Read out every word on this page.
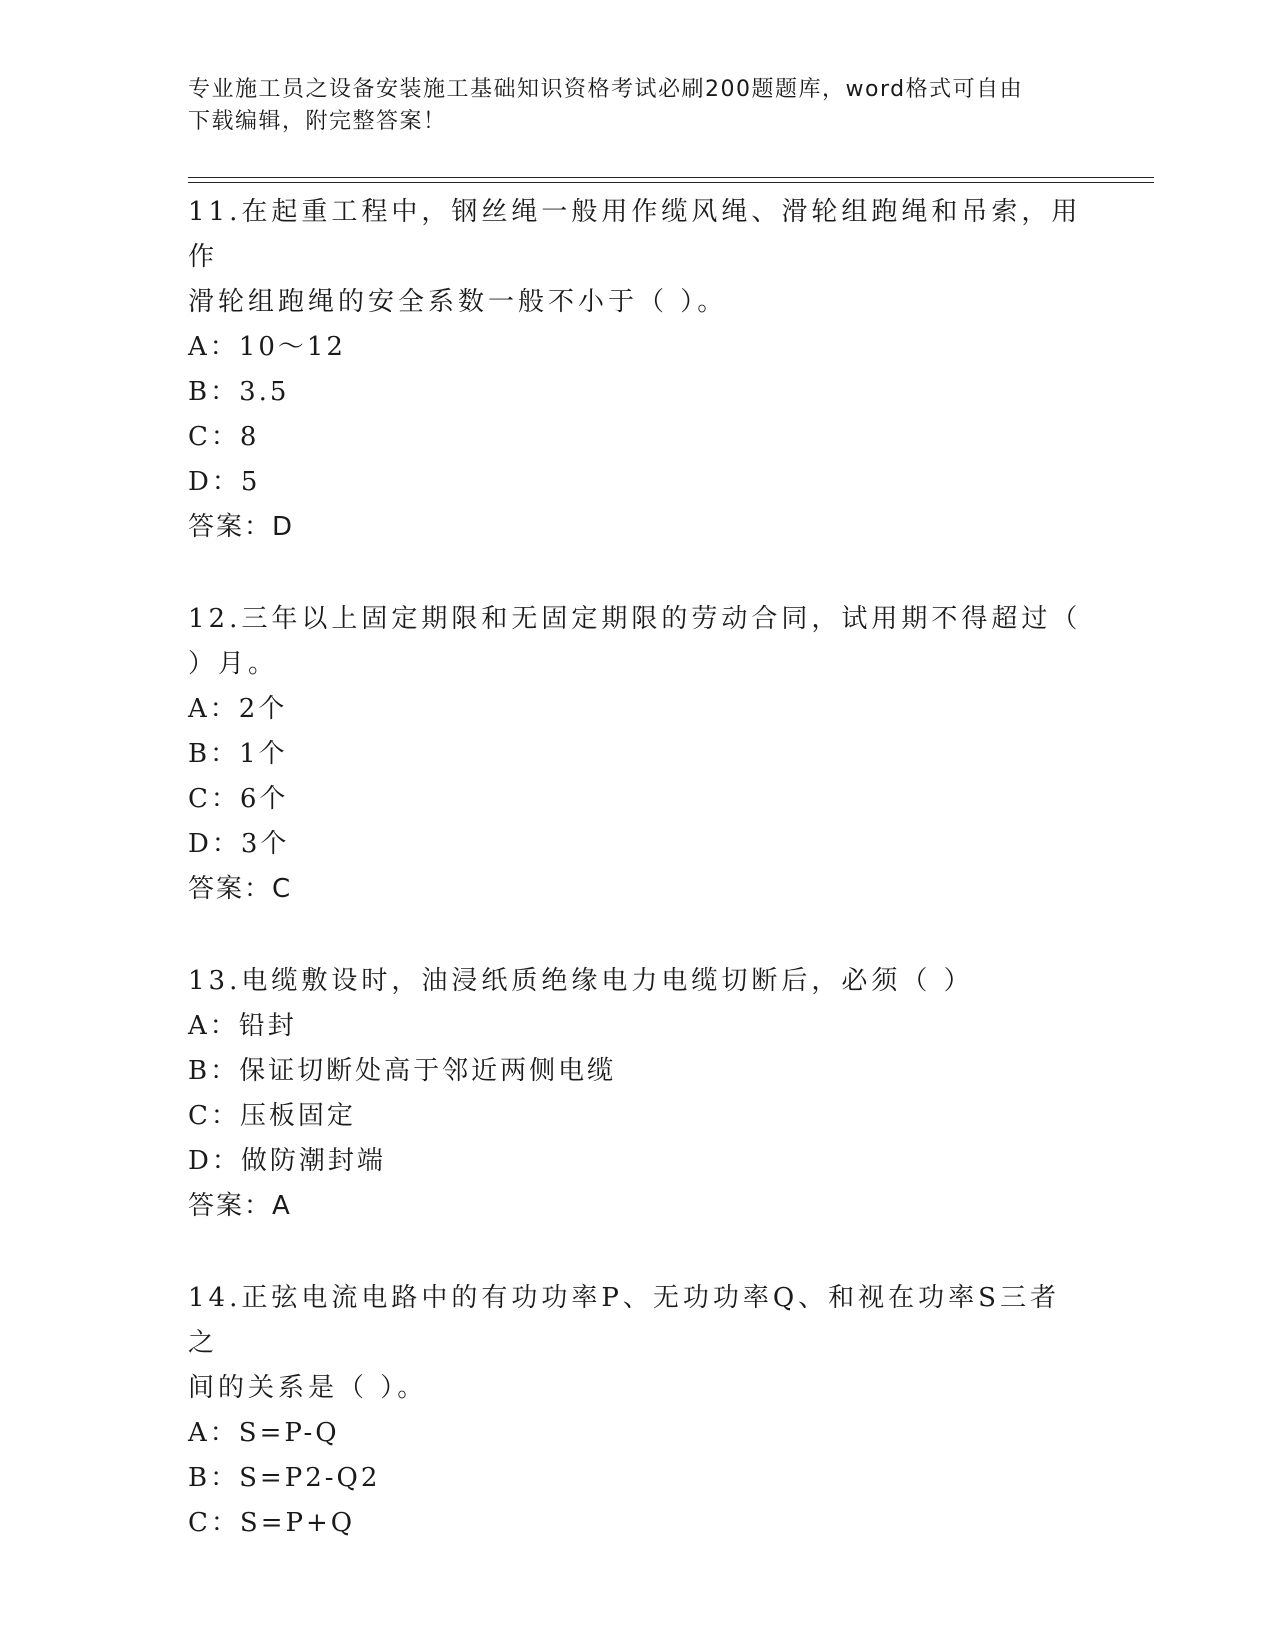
专业施工员之设备安装施工基础知识资格考试必刷200题题库，word格式可自由
下载编辑，附完整答案！

11.在起重工程中，钢丝绳一般用作缆风绳、滑轮组跑绳和吊索，用作

滑轮组跑绳的安全系数一般不小于（ ）。

A：10～12

B：3.5

C：8

D：5

答案：D

12.三年以上固定期限和无固定期限的劳动合同，试用期不得超过（

）月。

A：2个

B：1个

C：6个

D：3个

答案：C

13.电缆敷设时，油浸纸质绝缘电力电缆切断后，必须（ ）

A：铅封

B：保证切断处高于邻近两侧电缆

C：压板固定

D：做防潮封端

答案：A

14.正弦电流电路中的有功功率P、无功功率Q、和视在功率S三者之

间的关系是（ ）。

A：S=P-Q

B：S=P2-Q2

C：S=P+Q
